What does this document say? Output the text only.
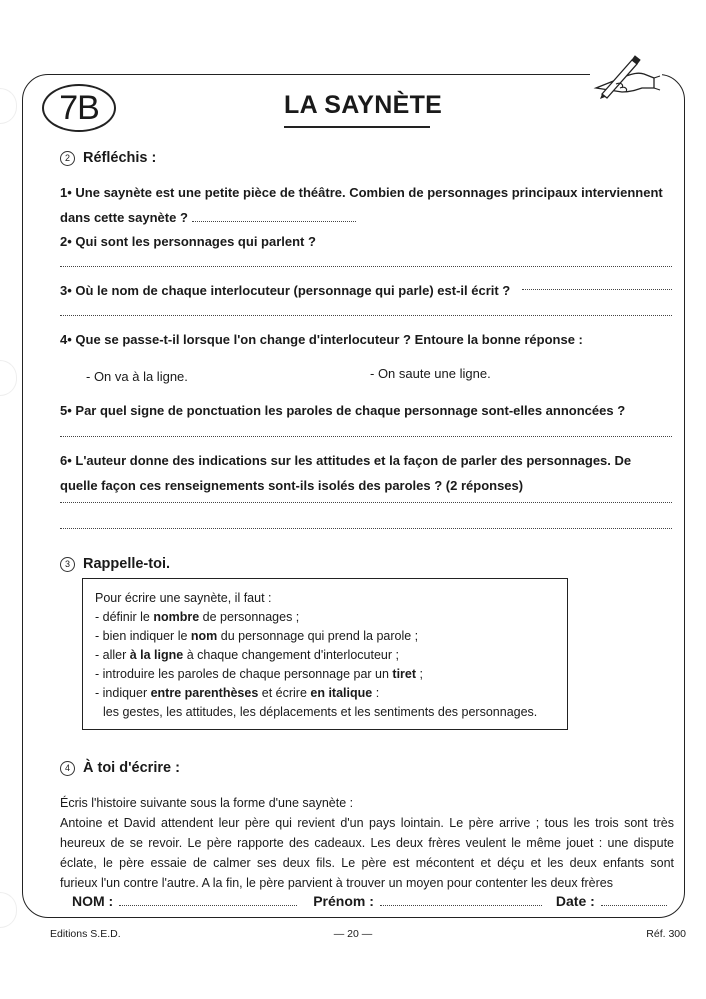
7B	LA SAYNÈTE
2 Réfléchis :
1• Une saynète est une petite pièce de théâtre. Combien de personnages principaux interviennent
dans cette saynète ?
2• Qui sont les personnages qui parlent ?
3• Où le nom de chaque interlocuteur (personnage qui parle) est-il écrit ?
4• Que se passe-t-il lorsque l'on change d'interlocuteur ? Entoure la bonne réponse :
- On va à la ligne.	- On saute une ligne.
5• Par quel signe de ponctuation les paroles de chaque personnage sont-elles annoncées ?
6• L'auteur donne des indications sur les attitudes et la façon de parler des personnages. De
quelle façon ces renseignements sont-ils isolés des paroles ? (2 réponses)
3 Rappelle-toi.
Pour écrire une saynète, il faut :
- définir le nombre de personnages ;
- bien indiquer le nom du personnage qui prend la parole ;
- aller à la ligne à chaque changement d'interlocuteur ;
- introduire les paroles de chaque personnage par un tiret ;
- indiquer entre parenthèses et écrire en italique :
les gestes, les attitudes, les déplacements et les sentiments des personnages.
4 À toi d'écrire :
Écris l'histoire suivante sous la forme d'une saynète :
Antoine et David attendent leur père qui revient d'un pays lointain. Le père arrive ; tous les trois sont très
heureux de se revoir. Le père rapporte des cadeaux. Les deux frères veulent le même jouet : une dispute
éclate, le père essaie de calmer ses deux fils. Le père est mécontent et déçu et les deux enfants sont
furieux l'un contre l'autre. A la fin, le père parvient à trouver un moyen pour contenter les deux frères
NOM :	Prénom :	Date :
Editions S.E.D.	— 20 —	Réf. 300
